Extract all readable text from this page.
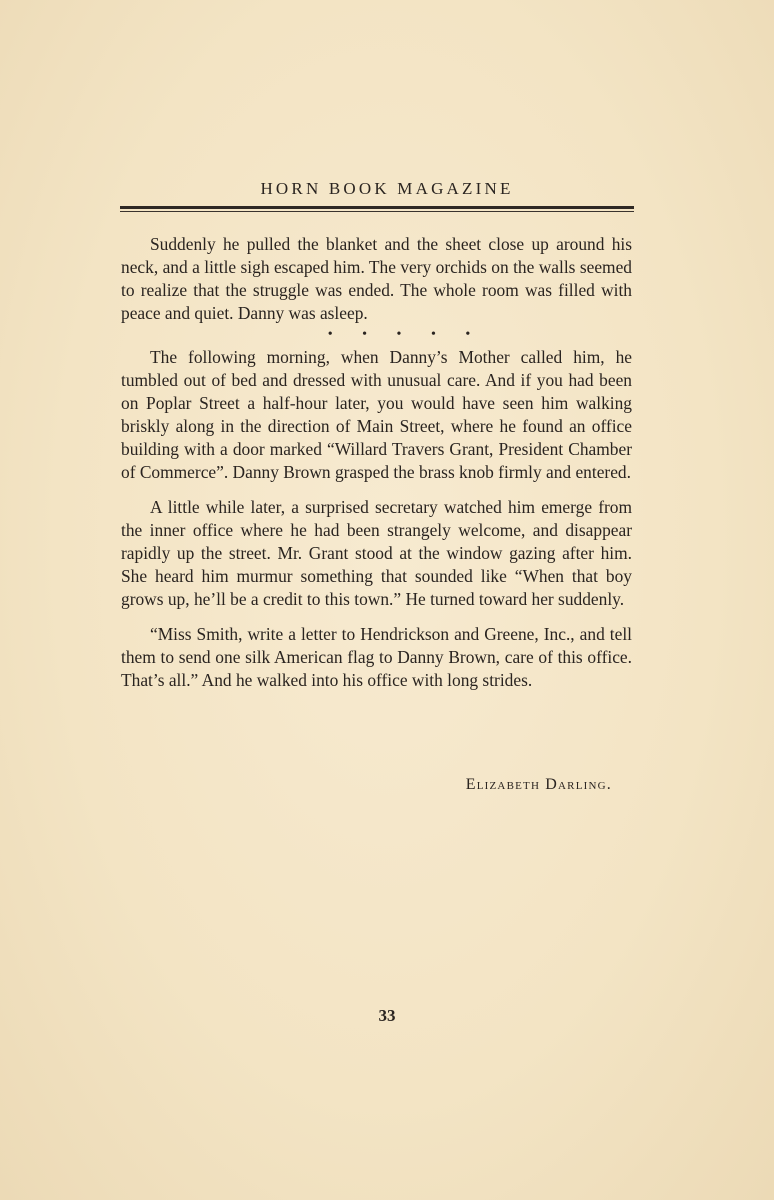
HORN BOOK MAGAZINE

Suddenly he pulled the blanket and the sheet close up around his neck, and a little sigh escaped him. The very orchids on the walls seemed to realize that the struggle was ended. The whole room was filled with peace and quiet. Danny was asleep.

• • • • •

The following morning, when Danny’s Mother called him, he tumbled out of bed and dressed with unusual care. And if you had been on Poplar Street a half-hour later, you would have seen him walking briskly along in the direction of Main Street, where he found an office building with a door marked “Willard Travers Grant, President Chamber of Commerce”. Danny Brown grasped the brass knob firmly and entered.

A little while later, a surprised secretary watched him emerge from the inner office where he had been strangely welcome, and disappear rapidly up the street. Mr. Grant stood at the window gazing after him. She heard him murmur something that sounded like “When that boy grows up, he’ll be a credit to this town.” He turned toward her suddenly.

“Miss Smith, write a letter to Hendrickson and Greene, Inc., and tell them to send one silk American flag to Danny Brown, care of this office. That’s all.” And he walked into his office with long strides.

Elizabeth Darling.
33
